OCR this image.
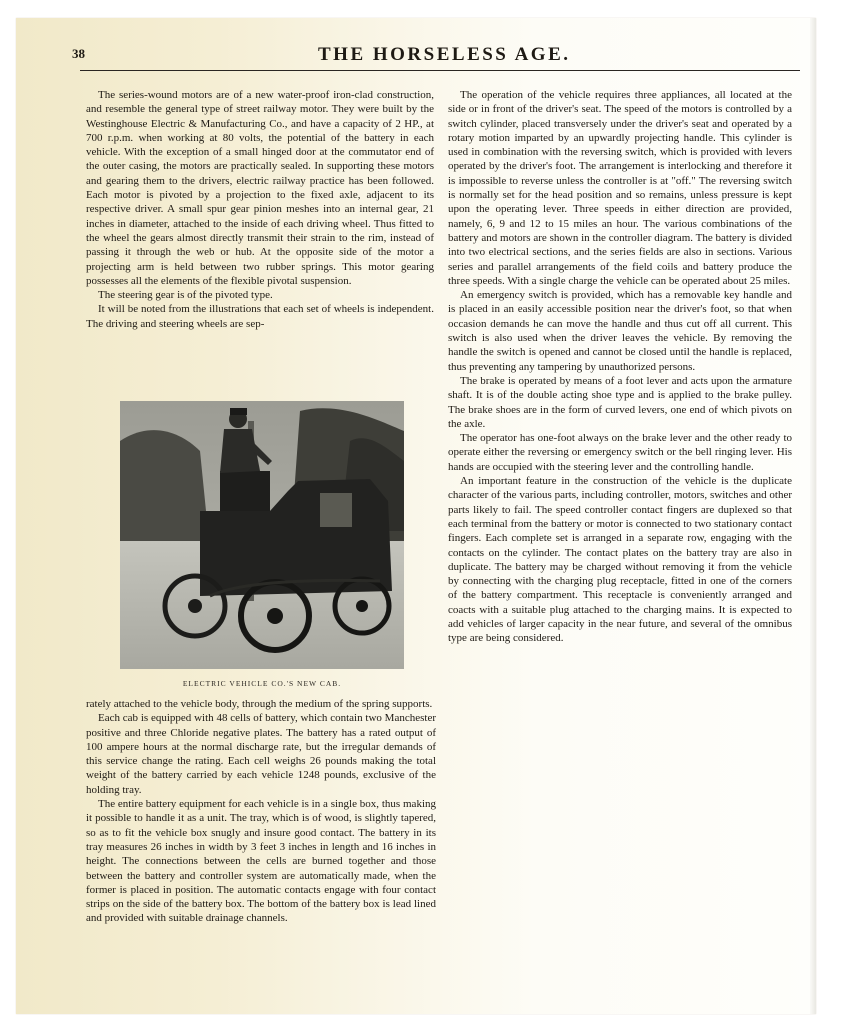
38	THE HORSELESS AGE.

The series-wound motors are of a new water-proof iron-clad construction, and resemble the general type of street railway motor. They were built by the Westinghouse Electric & Manufacturing Co., and have a capacity of 2 HP., at 700 r.p.m. when working at 80 volts, the potential of the battery in each vehicle. With the exception of a small hinged door at the commutator end of the outer casing, the motors are practically sealed. In supporting these motors and gearing them to the drivers, electric railway practice has been followed. Each motor is pivoted by a projection to the fixed axle, adjacent to its respective driver. A small spur gear pinion meshes into an internal gear, 21 inches in diameter, attached to the inside of each driving wheel. Thus fitted to the wheel the gears almost directly transmit their strain to the rim, instead of passing it through the web or hub. At the opposite side of the motor a projecting arm is held between two rubber springs. This motor gearing possesses all the elements of the flexible pivotal suspension.

The steering gear is of the pivoted type.

It will be noted from the illustrations that each set of wheels is independent. The driving and steering wheels are sep-

ELECTRIC VEHICLE CO.'S NEW CAB.

rately attached to the vehicle body, through the medium of the spring supports.

Each cab is equipped with 48 cells of battery, which contain two Manchester positive and three Chloride negative plates. The battery has a rated output of 100 ampere hours at the normal discharge rate, but the irregular demands of this service change the rating. Each cell weighs 26 pounds making the total weight of the battery carried by each vehicle 1248 pounds, exclusive of the holding tray.

The entire battery equipment for each vehicle is in a single box, thus making it possible to handle it as a unit. The tray, which is of wood, is slightly tapered, so as to fit the vehicle box snugly and insure good contact. The battery in its tray measures 26 inches in width by 3 feet 3 inches in length and 16 inches in height. The connections between the cells are burned together and those between the battery and controller system are automatically made, when the former is placed in position. The automatic contacts engage with four contact strips on the side of the battery box. The bottom of the battery box is lead lined and provided with suitable drainage channels.

The operation of the vehicle requires three appliances, all located at the side or in front of the driver's seat. The speed of the motors is controlled by a switch cylinder, placed transversely under the driver's seat and operated by a rotary motion imparted by an upwardly projecting handle. This cylinder is used in combination with the reversing switch, which is provided with levers operated by the driver's foot. The arrangement is interlocking and therefore it is impossible to reverse unless the controller is at "off." The reversing switch is normally set for the head position and so remains, unless pressure is kept upon the operating lever. Three speeds in either direction are provided, namely, 6, 9 and 12 to 15 miles an hour. The various combinations of the battery and motors are shown in the controller diagram. The battery is divided into two electrical sections, and the series fields are also in sections. Various series and parallel arrangements of the field coils and battery produce the three speeds. With a single charge the vehicle can be operated about 25 miles.

An emergency switch is provided, which has a removable key handle and is placed in an easily accessible position near the driver's foot, so that when occasion demands he can move the handle and thus cut off all current. This switch is also used when the driver leaves the vehicle. By removing the handle the switch is opened and cannot be closed until the handle is replaced, thus preventing any tampering by unauthorized persons.

The brake is operated by means of a foot lever and acts upon the armature shaft. It is of the double acting shoe type and is applied to the brake pulley. The brake shoes are in the form of curved levers, one end of which pivots on the axle.

The operator has one-foot always on the brake lever and the other ready to operate either the reversing or emergency switch or the bell ringing lever. His hands are occupied with the steering lever and the controlling handle.

An important feature in the construction of the vehicle is the duplicate character of the various parts, including controller, motors, switches and other parts likely to fail. The speed controller contact fingers are duplexed so that each terminal from the battery or motor is connected to two stationary contact fingers. Each complete set is arranged in a separate row, engaging with the contacts on the cylinder. The contact plates on the battery tray are also in duplicate. The battery may be charged without removing it from the vehicle by connecting with the charging plug receptacle, fitted in one of the corners of the battery compartment. This receptacle is conveniently arranged and coacts with a suitable plug attached to the charging mains. It is expected to add vehicles of larger capacity in the near future, and several of the omnibus type are being considered.
